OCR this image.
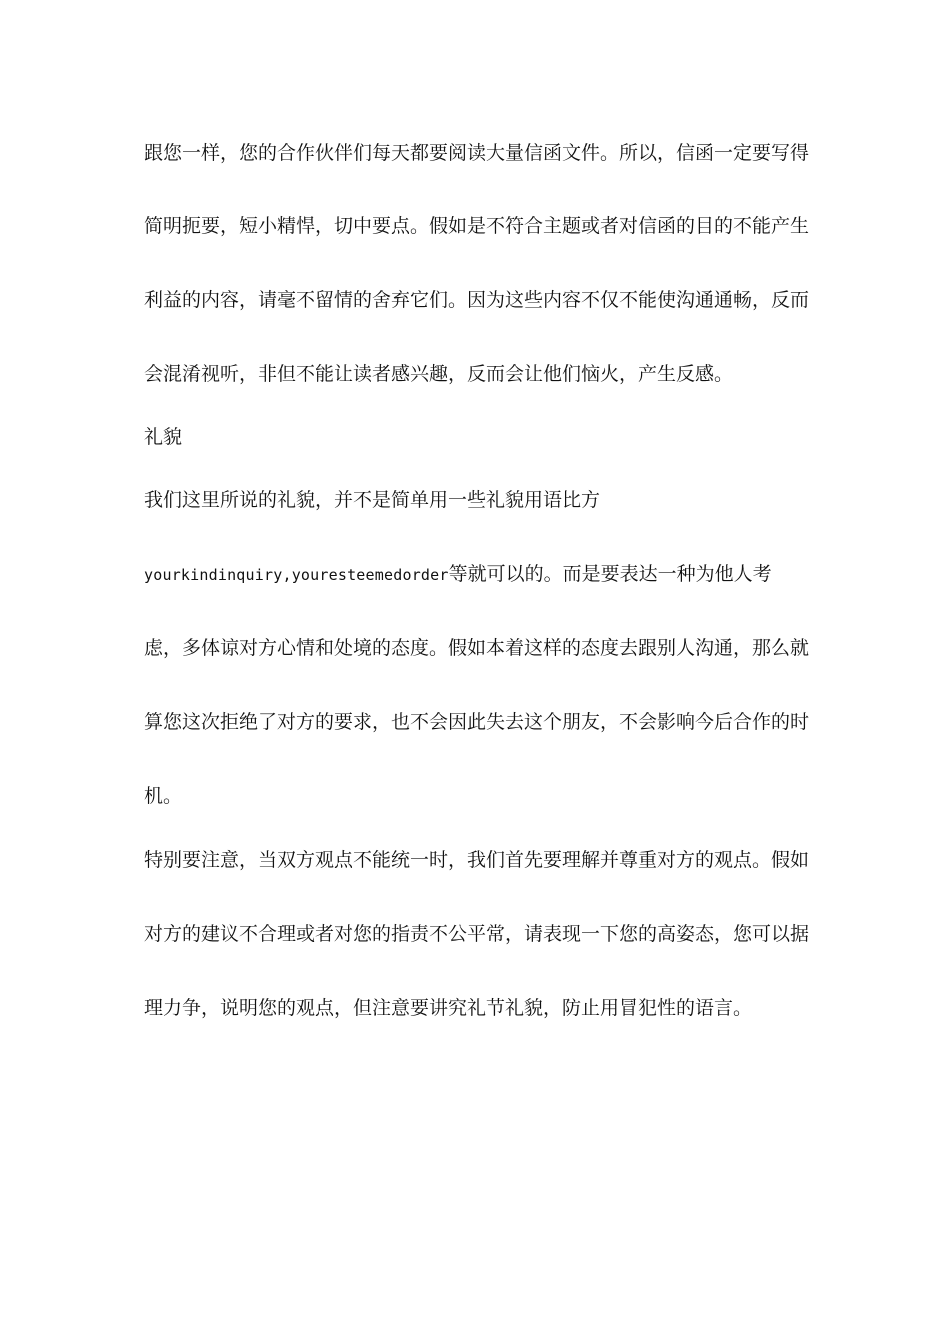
跟您一样，您的合作伙伴们每天都要阅读大量信函文件。所以，信函一定要写得
简明扼要，短小精悍，切中要点。假如是不符合主题或者对信函的目的不能产生
利益的内容，请毫不留情的舍弃它们。因为这些内容不仅不能使沟通通畅，反而
会混淆视听，非但不能让读者感兴趣，反而会让他们恼火，产生反感。
礼貌
我们这里所说的礼貌，并不是简单用一些礼貌用语比方
yourkindinquiry,youresteemedorder等就可以的。而是要表达一种为他人考
虑，多体谅对方心情和处境的态度。假如本着这样的态度去跟别人沟通，那么就
算您这次拒绝了对方的要求，也不会因此失去这个朋友，不会影响今后合作的时
机。
特别要注意，当双方观点不能统一时，我们首先要理解并尊重对方的观点。假如
对方的建议不合理或者对您的指责不公平常，请表现一下您的高姿态，您可以据
理力争，说明您的观点，但注意要讲究礼节礼貌，防止用冒犯性的语言。
